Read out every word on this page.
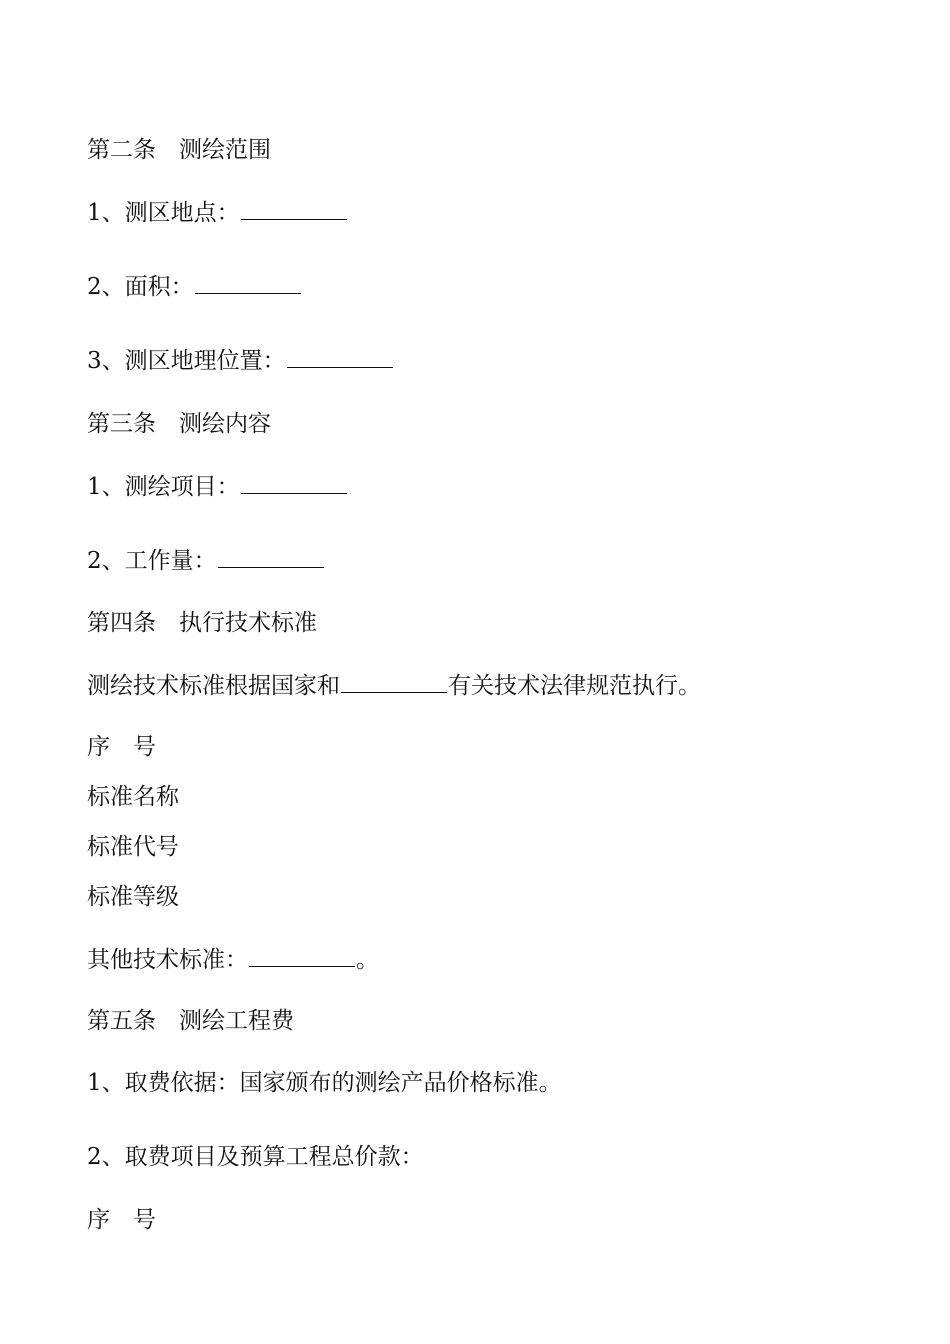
第二条　测绘范围
1、测区地点：
2、面积：
3、测区地理位置：
第三条　测绘内容
1、测绘项目：
2、工作量：
第四条　执行技术标准
测绘技术标准根据国家和	有关技术法律规范执行。
序　号
标准名称
标准代号
标准等级
其他技术标准：	。
第五条　测绘工程费
1、取费依据：国家颁布的测绘产品价格标准。
2、取费项目及预算工程总价款：
序　号
